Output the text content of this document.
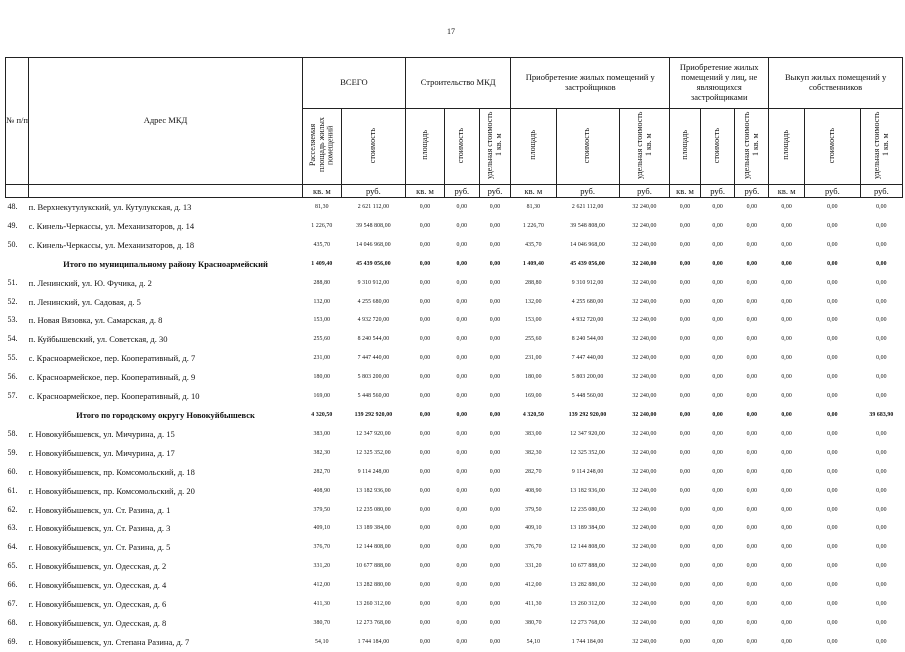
17
№ п/п	Адрес МКД	ВСЕГО		Строительство МКД			Приобретение жилых помещений у застройщиков			Приобретение жилых помещений у лиц, не являющихся застройщиками			Выкуп жилых помещений у собственников		
		Расселяемая площадь жилых помещений	стоимость	площадь	стоимость	удельная стоимость 1 кв. м	площадь	стоимость	удельная стоимость 1 кв. м	площадь	стоимость	удельная стоимость 1 кв. м	площадь	стоимость	удельная стоимость 1 кв. м
		кв. м	руб.	кв. м	руб.	руб.	кв. м	руб.	руб.	кв. м	руб.	руб.	кв. м	руб.	руб.
48.	п. Верхнекутулукский, ул. Кутулукская, д. 13	81,30	2 621 112,00	0,00	0,00	0,00	81,30	2 621 112,00	32 240,00	0,00	0,00	0,00	0,00	0,00	0,00
49.	с. Кинель-Черкассы, ул. Механизаторов, д. 14	1 226,70	39 548 808,00	0,00	0,00	0,00	1 226,70	39 548 808,00	32 240,00	0,00	0,00	0,00	0,00	0,00	0,00
50.	с. Кинель-Черкассы, ул. Механизаторов, д. 18	435,70	14 046 968,00	0,00	0,00	0,00	435,70	14 046 968,00	32 240,00	0,00	0,00	0,00	0,00	0,00	0,00
	Итого по муниципальному району Красноармейский	1 409,40	45 439 056,00	0,00	0,00	0,00	1 409,40	45 439 056,00	32 240,00	0,00	0,00	0,00	0,00	0,00	0,00
51.	п. Ленинский, ул. Ю. Фучика, д. 2	288,80	9 310 912,00	0,00	0,00	0,00	288,80	9 310 912,00	32 240,00	0,00	0,00	0,00	0,00	0,00	0,00
52.	п. Ленинский, ул. Садовая, д. 5	132,00	4 255 680,00	0,00	0,00	0,00	132,00	4 255 680,00	32 240,00	0,00	0,00	0,00	0,00	0,00	0,00
53.	п. Новая Вязовка, ул. Самарская, д. 8	153,00	4 932 720,00	0,00	0,00	0,00	153,00	4 932 720,00	32 240,00	0,00	0,00	0,00	0,00	0,00	0,00
54.	п. Куйбышевский, ул. Советская, д. 30	255,60	8 240 544,00	0,00	0,00	0,00	255,60	8 240 544,00	32 240,00	0,00	0,00	0,00	0,00	0,00	0,00
55.	с. Красноармейское, пер. Кооперативный, д. 7	231,00	7 447 440,00	0,00	0,00	0,00	231,00	7 447 440,00	32 240,00	0,00	0,00	0,00	0,00	0,00	0,00
56.	с. Красноармейское, пер. Кооперативный, д. 9	180,00	5 803 200,00	0,00	0,00	0,00	180,00	5 803 200,00	32 240,00	0,00	0,00	0,00	0,00	0,00	0,00
57.	с. Красноармейское, пер. Кооперативный, д. 10	169,00	5 448 560,00	0,00	0,00	0,00	169,00	5 448 560,00	32 240,00	0,00	0,00	0,00	0,00	0,00	0,00
	Итого по городскому округу Новокуйбышевск	4 320,50	139 292 920,00	0,00	0,00	0,00	4 320,50	139 292 920,00	32 240,00	0,00	0,00	0,00	0,00	0,00	39 683,90
58.	г. Новокуйбышевск, ул. Мичурина, д. 15	383,00	12 347 920,00	0,00	0,00	0,00	383,00	12 347 920,00	32 240,00	0,00	0,00	0,00	0,00	0,00	0,00
59.	г. Новокуйбышевск, ул. Мичурина, д. 17	382,30	12 325 352,00	0,00	0,00	0,00	382,30	12 325 352,00	32 240,00	0,00	0,00	0,00	0,00	0,00	0,00
60.	г. Новокуйбышевск, пр. Комсомольский, д. 18	282,70	9 114 248,00	0,00	0,00	0,00	282,70	9 114 248,00	32 240,00	0,00	0,00	0,00	0,00	0,00	0,00
61.	г. Новокуйбышевск, пр. Комсомольский, д. 20	408,90	13 182 936,00	0,00	0,00	0,00	408,90	13 182 936,00	32 240,00	0,00	0,00	0,00	0,00	0,00	0,00
62.	г. Новокуйбышевск, ул. Ст. Разина, д. 1	379,50	12 235 080,00	0,00	0,00	0,00	379,50	12 235 080,00	32 240,00	0,00	0,00	0,00	0,00	0,00	0,00
63.	г. Новокуйбышевск, ул. Ст. Разина, д. 3	409,10	13 189 384,00	0,00	0,00	0,00	409,10	13 189 384,00	32 240,00	0,00	0,00	0,00	0,00	0,00	0,00
64.	г. Новокуйбышевск, ул. Ст. Разина, д. 5	376,70	12 144 808,00	0,00	0,00	0,00	376,70	12 144 808,00	32 240,00	0,00	0,00	0,00	0,00	0,00	0,00
65.	г. Новокуйбышевск, ул. Одесская, д. 2	331,20	10 677 888,00	0,00	0,00	0,00	331,20	10 677 888,00	32 240,00	0,00	0,00	0,00	0,00	0,00	0,00
66.	г. Новокуйбышевск, ул. Одесская, д. 4	412,00	13 282 880,00	0,00	0,00	0,00	412,00	13 282 880,00	32 240,00	0,00	0,00	0,00	0,00	0,00	0,00
67.	г. Новокуйбышевск, ул. Одесская, д. 6	411,30	13 260 312,00	0,00	0,00	0,00	411,30	13 260 312,00	32 240,00	0,00	0,00	0,00	0,00	0,00	0,00
68.	г. Новокуйбышевск, ул. Одесская, д. 8	380,70	12 273 768,00	0,00	0,00	0,00	380,70	12 273 768,00	32 240,00	0,00	0,00	0,00	0,00	0,00	0,00
69.	г. Новокуйбышевск, ул. Степана Разина, д. 7	54,10	1 744 184,00	0,00	0,00	0,00	54,10	1 744 184,00	32 240,00	0,00	0,00	0,00	0,00	0,00	0,00
